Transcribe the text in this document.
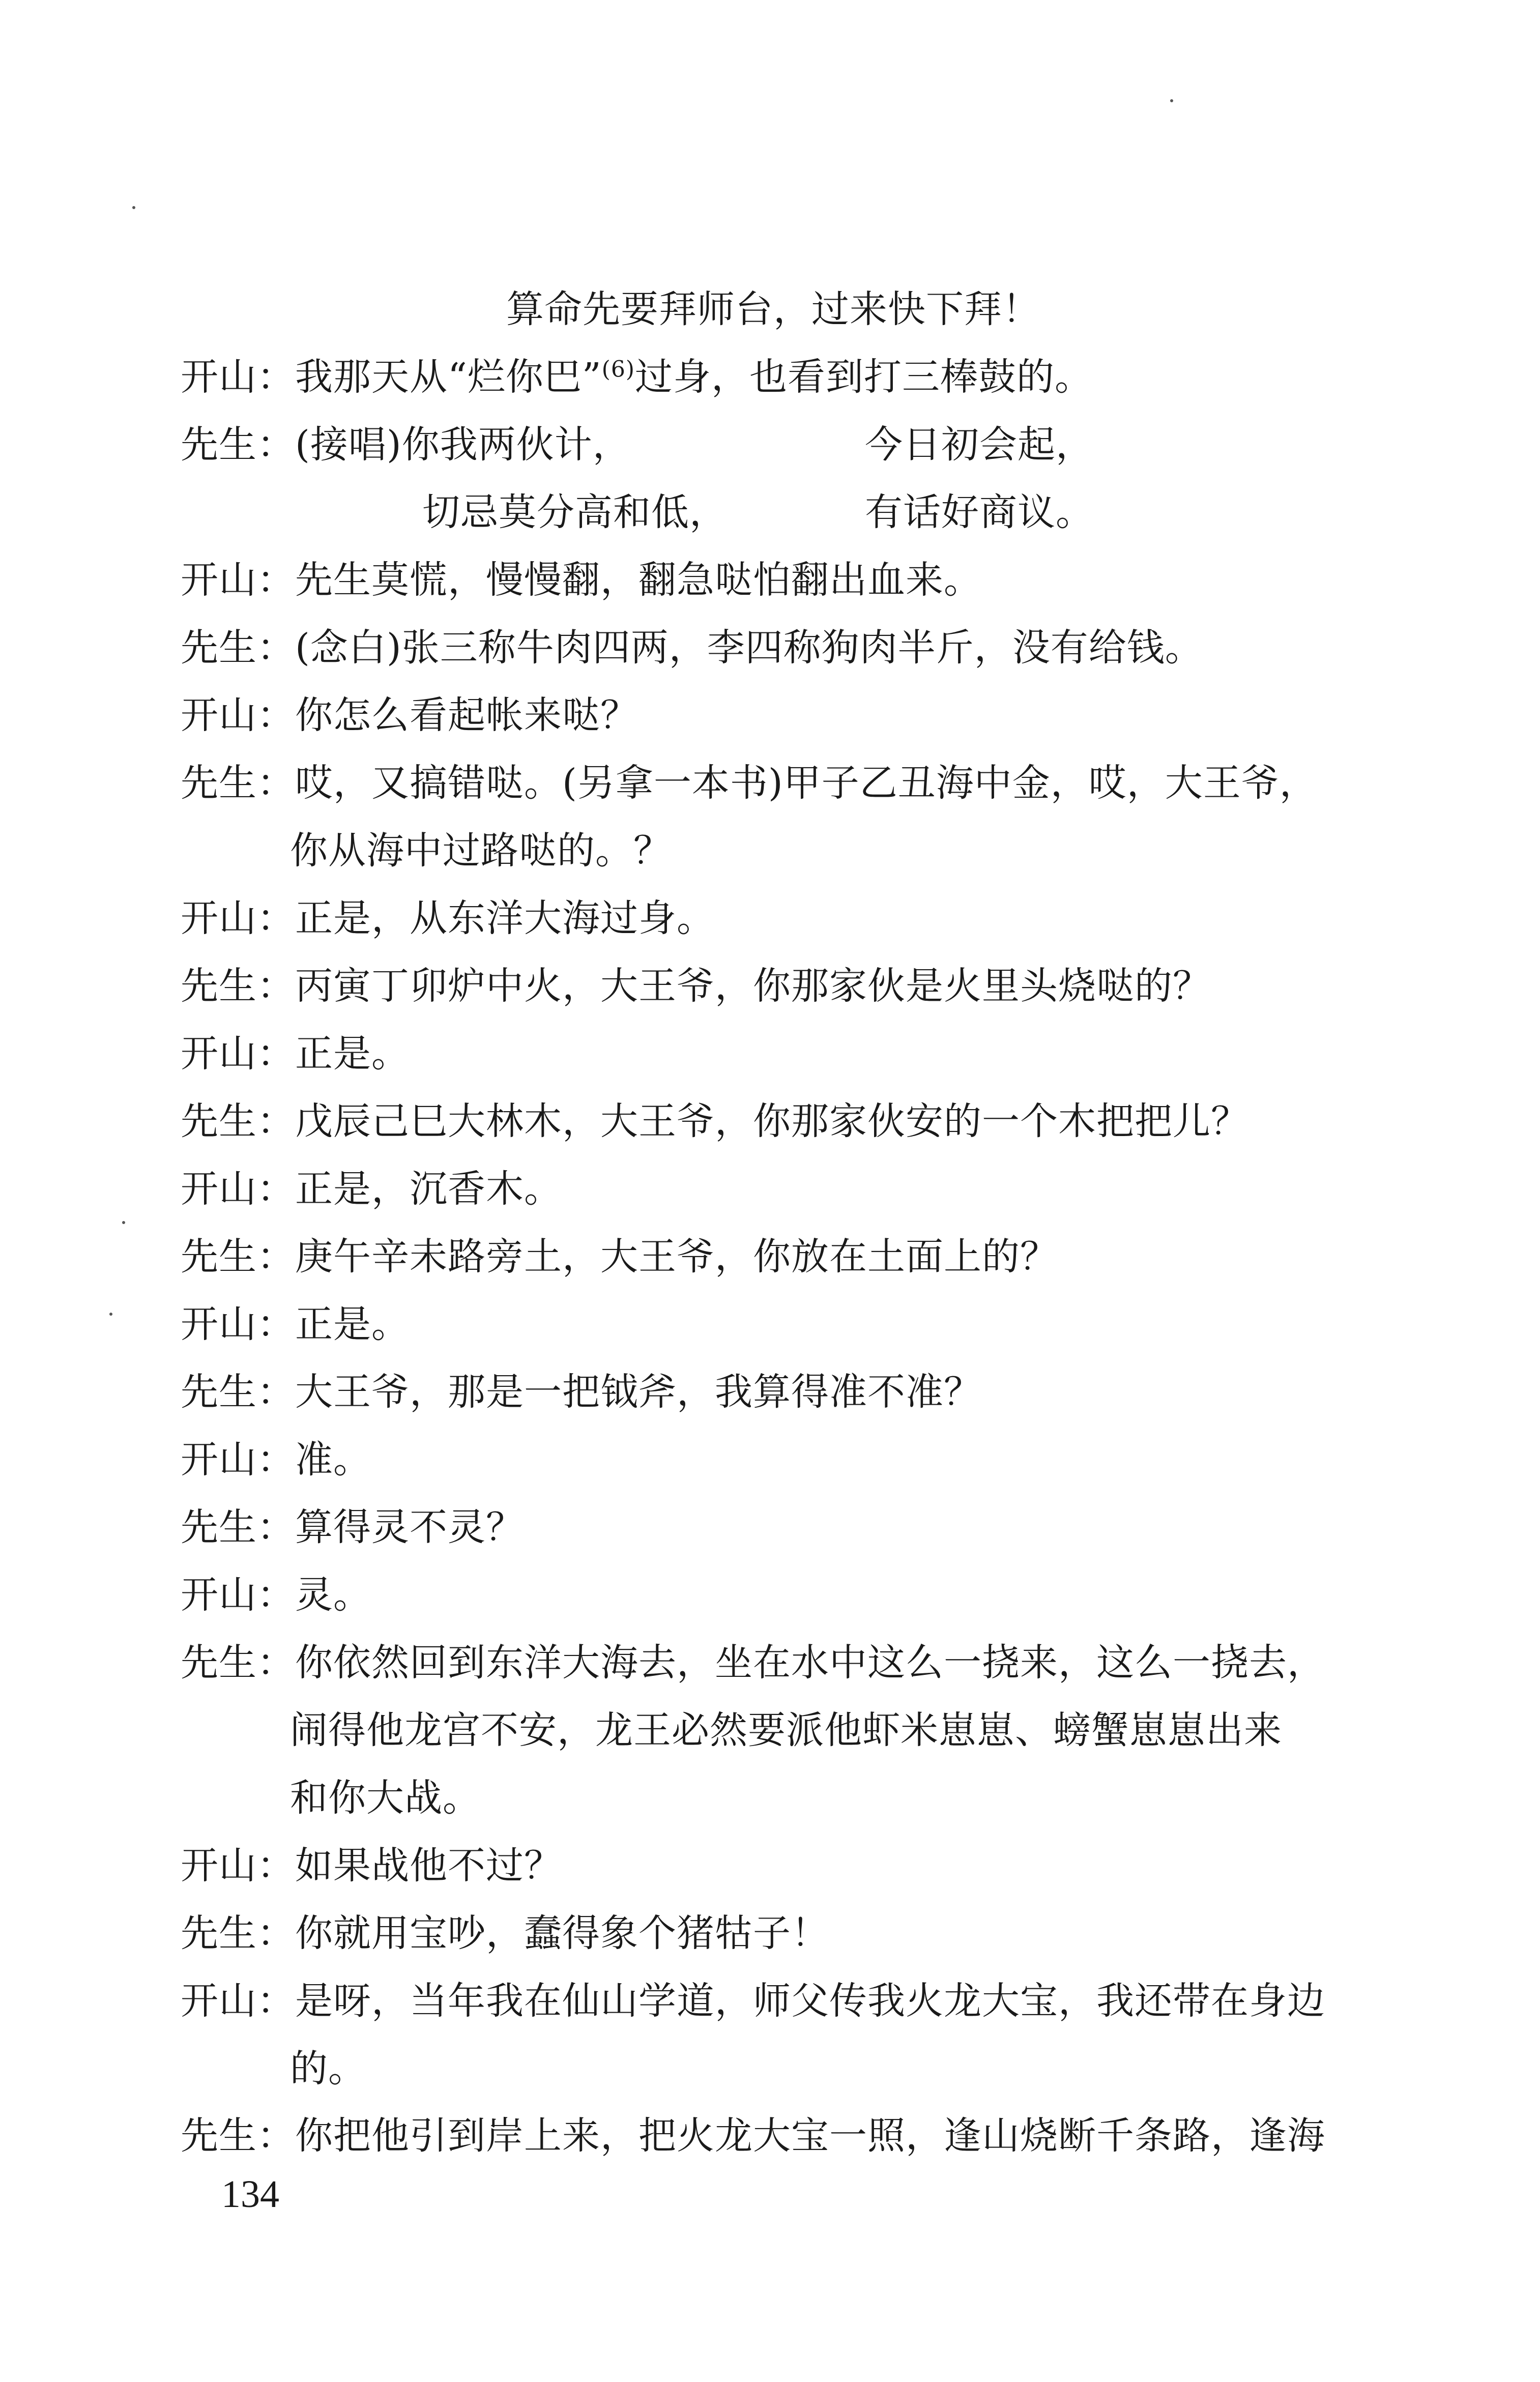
算命先要拜师台，过来快下拜！
开山：我那天从“烂你巴”$^{(6)}$过身，也看到打三棒鼓的。
先生：(接唱)你我两伙计，	今日初会起，
切忌莫分高和低，	有话好商议。
开山：先生莫慌，慢慢翻，翻急哒怕翻出血来。
先生：(念白)张三称牛肉四两，李四称狗肉半斤，没有给钱。
开山：你怎么看起帐来哒？
先生：哎，又搞错哒。(另拿一本书)甲子乙丑海中金，哎，大王爷，
你从海中过路哒的。？
开山：正是，从东洋大海过身。
先生：丙寅丁卯炉中火，大王爷，你那家伙是火里头烧哒的？
开山：正是。
先生：戊辰己巳大林木，大王爷，你那家伙安的一个木把把儿？
开山：正是，沉香木。
先生：庚午辛未路旁土，大王爷，你放在土面上的？
开山：正是。
先生：大王爷，那是一把钺斧，我算得准不准？
开山：准。
先生：算得灵不灵？
开山：灵。
先生：你依然回到东洋大海去，坐在水中这么一挠来，这么一挠去，
闹得他龙宫不安，龙王必然要派他虾米崽崽、螃蟹崽崽出来
和你大战。
开山：如果战他不过？
先生：你就用宝吵，蠢得象个猪牯子！
开山：是呀，当年我在仙山学道，师父传我火龙大宝，我还带在身边
的。
先生：你把他引到岸上来，把火龙大宝一照，逢山烧断千条路，逢海
134
